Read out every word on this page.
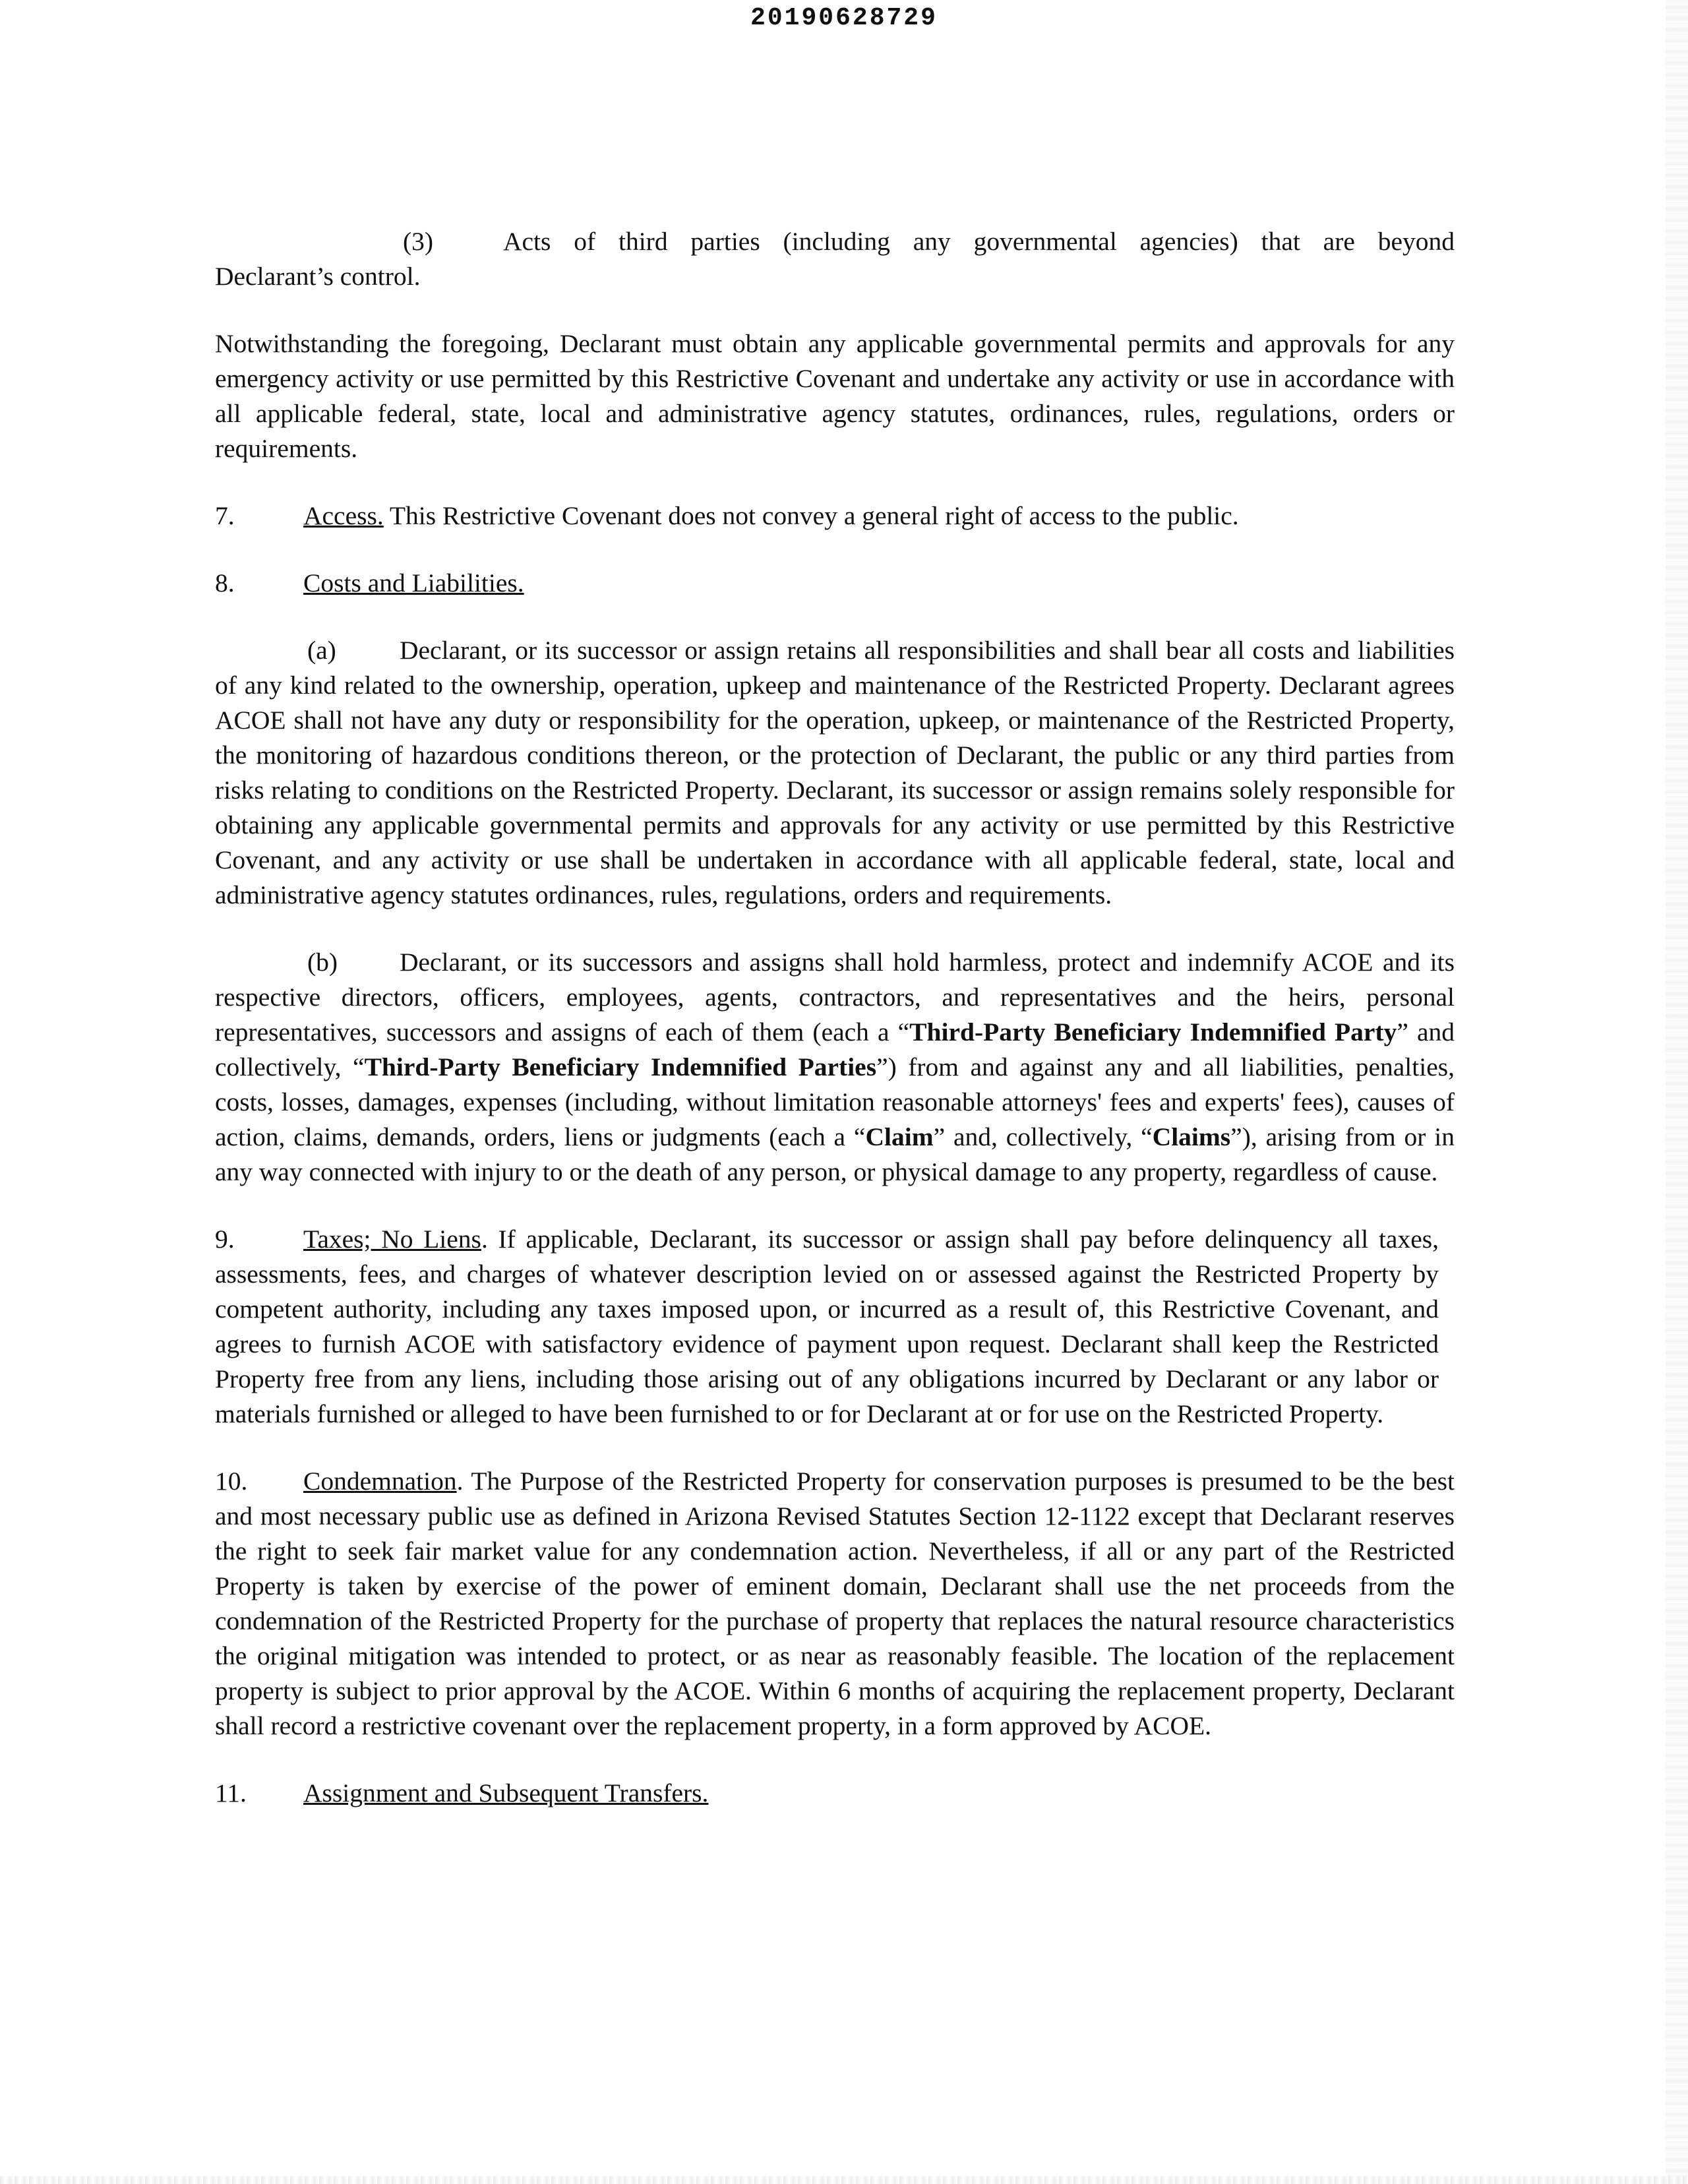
20190628729
(3)	Acts of third parties (including any governmental agencies) that are beyond
Declarant’s control.

Notwithstanding the foregoing, Declarant must obtain any applicable governmental permits and approvals for any emergency activity or use permitted by this Restrictive Covenant and undertake any activity or use in accordance with all applicable federal, state, local and administrative agency statutes, ordinances, rules, regulations, orders or requirements.

7.	Access. This Restrictive Covenant does not convey a general right of access to the public.

8.	Costs and Liabilities.

(a) Declarant, or its successor or assign retains all responsibilities and shall bear all costs and liabilities of any kind related to the ownership, operation, upkeep and maintenance of the Restricted Property. Declarant agrees ACOE shall not have any duty or responsibility for the operation, upkeep, or maintenance of the Restricted Property, the monitoring of hazardous conditions thereon, or the protection of Declarant, the public or any third parties from risks relating to conditions on the Restricted Property. Declarant, its successor or assign remains solely responsible for obtaining any applicable governmental permits and approvals for any activity or use permitted by this Restrictive Covenant, and any activity or use shall be undertaken in accordance with all applicable federal, state, local and administrative agency statutes ordinances, rules, regulations, orders and requirements.

(b) Declarant, or its successors and assigns shall hold harmless, protect and indemnify ACOE and its respective directors, officers, employees, agents, contractors, and representatives and the heirs, personal representatives, successors and assigns of each of them (each a “Third-Party Beneficiary Indemnified Party” and collectively, “Third-Party Beneficiary Indemnified Parties”) from and against any and all liabilities, penalties, costs, losses, damages, expenses (including, without limitation reasonable attorneys' fees and experts' fees), causes of action, claims, demands, orders, liens or judgments (each a “Claim” and, collectively, “Claims”), arising from or in any way connected with injury to or the death of any person, or physical damage to any property, regardless of cause.

9.	Taxes; No Liens. If applicable, Declarant, its successor or assign shall pay before delinquency all taxes, assessments, fees, and charges of whatever description levied on or assessed against the Restricted Property by competent authority, including any taxes imposed upon, or incurred as a result of, this Restrictive Covenant, and agrees to furnish ACOE with satisfactory evidence of payment upon request. Declarant shall keep the Restricted Property free from any liens, including those arising out of any obligations incurred by Declarant or any labor or materials furnished or alleged to have been furnished to or for Declarant at or for use on the Restricted Property.

10. Condemnation. The Purpose of the Restricted Property for conservation purposes is presumed to be the best and most necessary public use as defined in Arizona Revised Statutes Section 12-1122 except that Declarant reserves the right to seek fair market value for any condemnation action. Nevertheless, if all or any part of the Restricted Property is taken by exercise of the power of eminent domain, Declarant shall use the net proceeds from the condemnation of the Restricted Property for the purchase of property that replaces the natural resource characteristics the original mitigation was intended to protect, or as near as reasonably feasible. The location of the replacement property is subject to prior approval by the ACOE. Within 6 months of acquiring the replacement property, Declarant shall record a restrictive covenant over the replacement property, in a form approved by ACOE.

11. Assignment and Subsequent Transfers.
